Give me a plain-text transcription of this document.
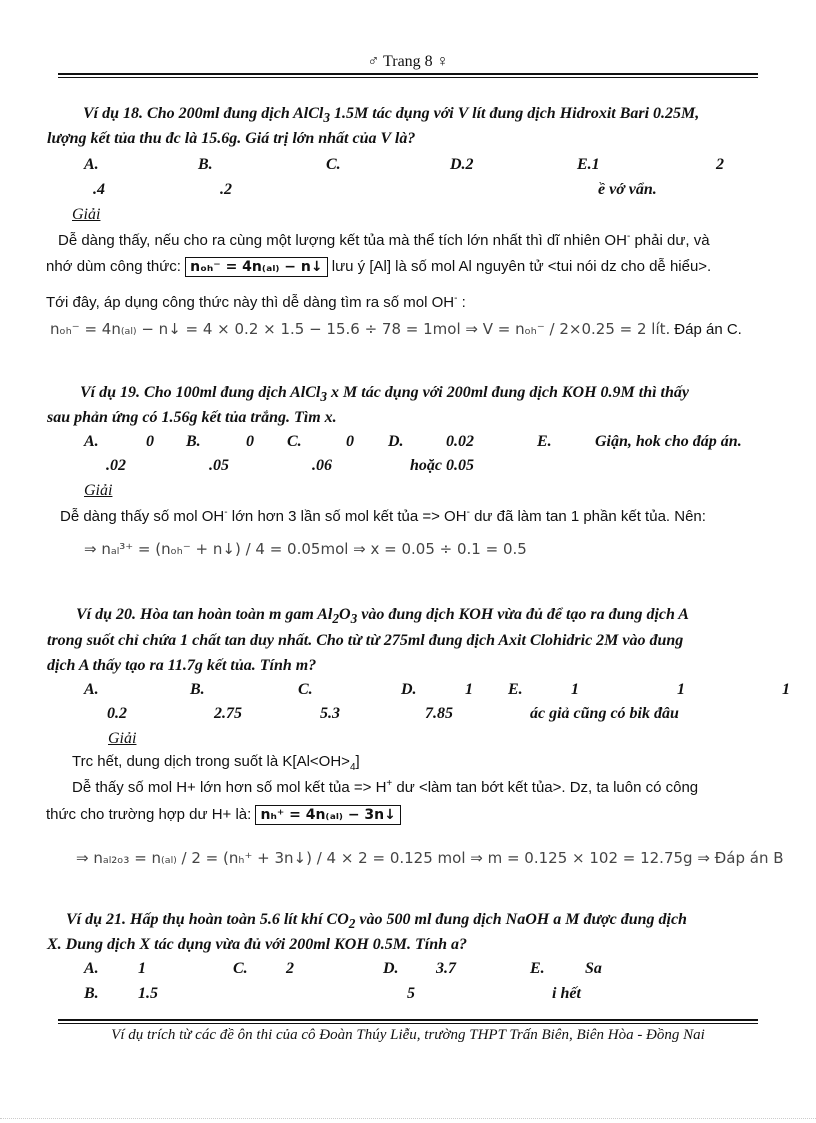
♂ Trang 8 ♀
Ví dụ 18. Cho 200ml đung dịch AlCl$_3$ 1.5M tác dụng với V lít đung dịch Hidroxit Bari 0.25M,
lượng kết tủa thu đc là 15.6g. Giá trị lớn nhất của V là?
A.	B.	C.	D.2	E.1	2
.4	.2	ề vớ vẩn.
Giải
Dễ dàng thấy, nếu cho ra cùng một lượng kết tủa mà thể tích lớn nhất thì dĩ nhiên OH- phải dư, và
nhớ dùm công thức: nₒₕ⁻ = 4n₍ₐₗ₎ − n↓ lưu ý [Al] là số mol Al nguyên tử <tui nói dz cho dễ hiểu>.
Tới đây, áp dụng công thức này thì dễ dàng tìm ra số mol OH- :
nₒₕ⁻ = 4n₍ₐₗ₎ − n↓ = 4 × 0.2 × 1.5 − 15.6 ÷ 78 = 1mol ⇒ V = nₒₕ⁻ / 2×0.25 = 2 lít. Đáp án C.
Ví dụ 19. Cho 100ml đung dịch AlCl$_3$ x M tác dụng với 200ml đung dịch KOH 0.9M thì thấy
sau phản ứng có 1.56g kết tủa trắng. Tìm x.
A.	0 B.	0 C.	0 D.	0.02	E.	Giận, hok cho đáp án.
.02	.05	.06	hoặc 0.05
Giải
Dễ dàng thấy số mol OH- lớn hơn 3 lần số mol kết tủa => OH- dư đã làm tan 1 phần kết tủa. Nên:
⇒ nₐₗ³⁺ = (nₒₕ⁻ + n↓) / 4 = 0.05mol ⇒ x = 0.05 ÷ 0.1 = 0.5
Ví dụ 20. Hòa tan hoàn toàn m gam $Al_2O_3$ vào đung dịch KOH vừa đủ để tạo ra đung dịch A
trong suốt chỉ chứa 1 chất tan duy nhất. Cho từ từ 275ml đung dịch Axit Clohidric 2M vào đung
dịch A thấy tạo ra 11.7g kết tủa. Tính m?
A.	B.	C.	D.	1 E.	1	1	1
0.2	2.75	5.3	7.85	ác giả cũng có bik đâu
Giải
Trc hết, dung dịch trong suốt là $K[Al<OH>_4]$
Dễ thấy số mol H+ lớn hơn số mol kết tủa => H+ dư <làm tan bớt kết tủa>. Dz, ta luôn có công
thức cho trường hợp dư H+ là: nₕ⁺ = 4n₍ₐₗ₎ − 3n↓
⇒ nₐₗ₂ₒ₃ = n₍ₐₗ₎ / 2 = (nₕ⁺ + 3n↓) / 4 × 2 = 0.125 mol ⇒ m = 0.125 × 102 = 12.75g ⇒ Đáp án B
Ví dụ 21. Hấp thụ hoàn toàn 5.6 lít khí $CO_2$ vào 500 ml đung dịch NaOH a M được đung dịch
X. Dung dịch X tác dụng vừa đủ với 200ml KOH 0.5M. Tính a?
A. 1	C. 2	D. 3.7	E.	Sa
B. 1.5	5	i hết
Ví dụ trích từ các đề ôn thi của cô Đoàn Thúy Liễu, trường THPT Trấn Biên, Biên Hòa - Đồng Nai
